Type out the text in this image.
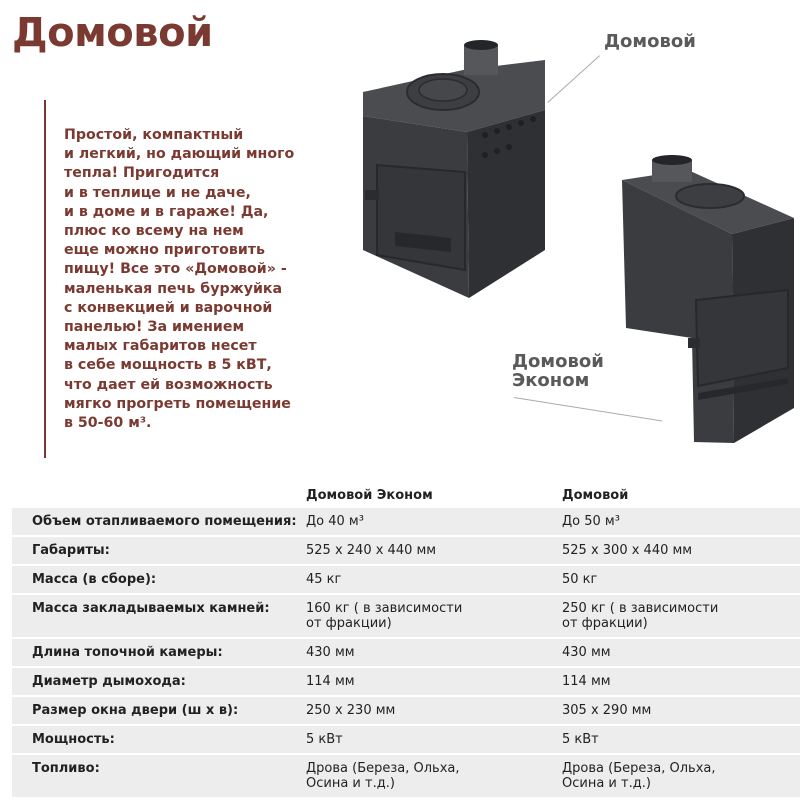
Домовой
Простой, компактный
и легкий, но дающий много
тепла! Пригодится
и в теплице и не даче,
и в доме и в гараже! Да,
плюс ко всему на нем
еще можно приготовить
пищу! Все это «Домовой» -
маленькая печь буржуйка
с конвекцией и варочной
панелью! За имением
малых габаритов несет
в себе мощность в 5 кВТ,
что дает ей возможность
мягко прогреть помещение
в 50-60 м³.
Домовой
Домовой
Эконом
	Домовой Эконом	Домовой
Объем отапливаемого помещения:	До 40 м³	До 50 м³
Габариты:	525 х 240 х 440 мм	525 х 300 х 440 мм
Масса (в сборе):	45 кг	50 кг
Масса закладываемых камней:	160 кг ( в зависимости
от фракции)	250 кг ( в зависимости
от фракции)
Длина топочной камеры:	430 мм	430 мм
Диаметр дымохода:	114 мм	114 мм
Размер окна двери (ш х в):	250 х 230 мм	305 х 290 мм
Мощность:	5 кВт	5 кВт
Топливо:	Дрова (Береза, Ольха,
Осина и т.д.)	Дрова (Береза, Ольха,
Осина и т.д.)
